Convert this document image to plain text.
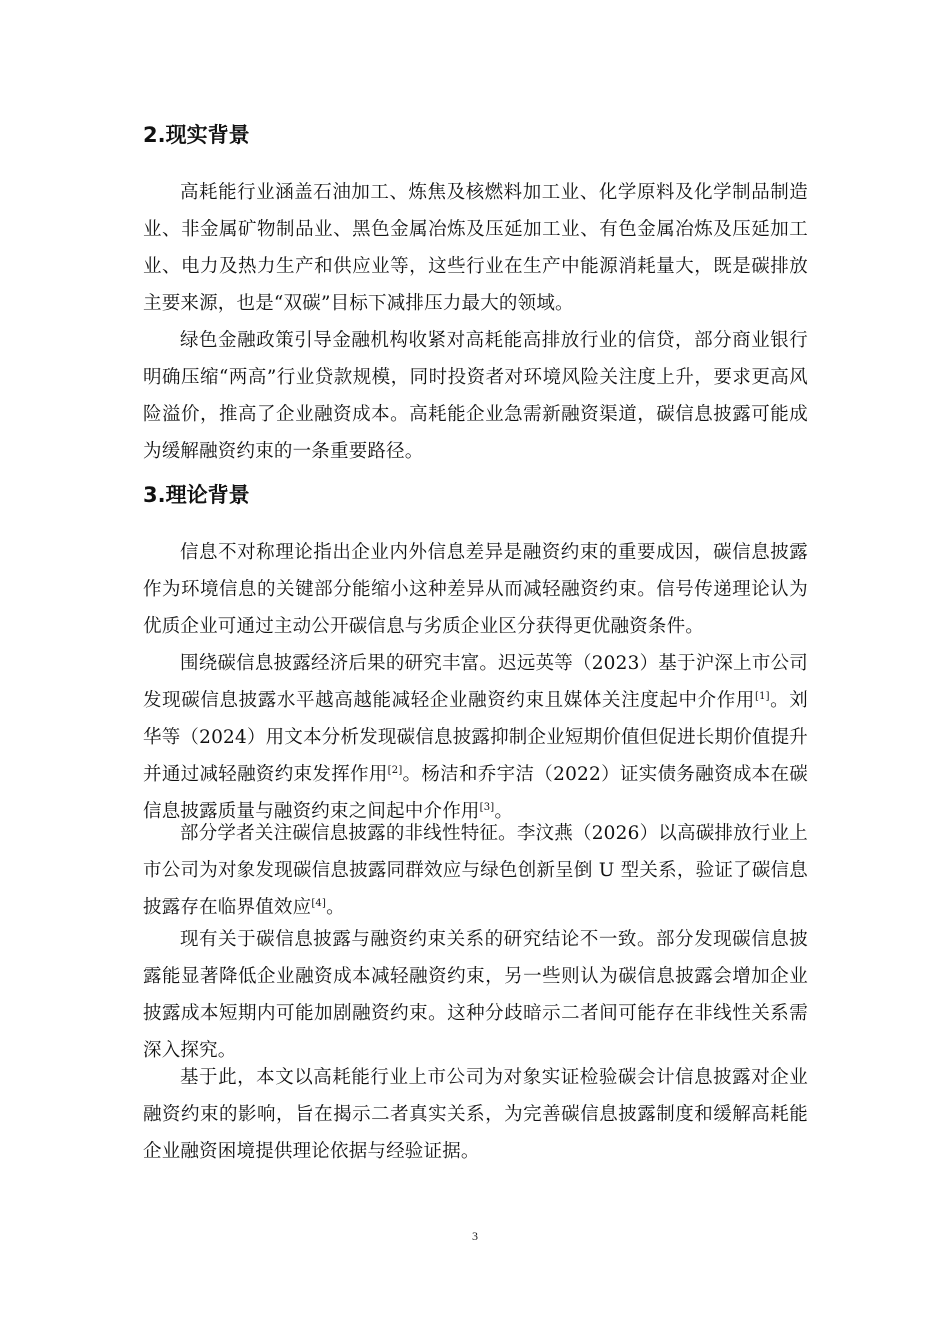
2.现实背景

高耗能行业涵盖石油加工、炼焦及核燃料加工业、化学原料及化学制品制造业、非金属矿物制品业、黑色金属冶炼及压延加工业、有色金属冶炼及压延加工业、电力及热力生产和供应业等，这些行业在生产中能源消耗量大，既是碳排放主要来源，也是“双碳”目标下减排压力最大的领域。

绿色金融政策引导金融机构收紧对高耗能高排放行业的信贷，部分商业银行明确压缩“两高”行业贷款规模，同时投资者对环境风险关注度上升，要求更高风险溢价，推高了企业融资成本。高耗能企业急需新融资渠道，碳信息披露可能成为缓解融资约束的一条重要路径。

3.理论背景

信息不对称理论指出企业内外信息差异是融资约束的重要成因，碳信息披露作为环境信息的关键部分能缩小这种差异从而减轻融资约束。信号传递理论认为优质企业可通过主动公开碳信息与劣质企业区分获得更优融资条件。

围绕碳信息披露经济后果的研究丰富。迟远英等（2023）基于沪深上市公司发现碳信息披露水平越高越能减轻企业融资约束且媒体关注度起中介作用[1]。刘华等（2024）用文本分析发现碳信息披露抑制企业短期价值但促进长期价值提升并通过减轻融资约束发挥作用[2]。杨洁和乔宇洁（2022）证实债务融资成本在碳信息披露质量与融资约束之间起中介作用[3]。

部分学者关注碳信息披露的非线性特征。李汶燕（2026）以高碳排放行业上市公司为对象发现碳信息披露同群效应与绿色创新呈倒 U 型关系，验证了碳信息披露存在临界值效应[4]。

现有关于碳信息披露与融资约束关系的研究结论不一致。部分发现碳信息披露能显著降低企业融资成本减轻融资约束，另一些则认为碳信息披露会增加企业披露成本短期内可能加剧融资约束。这种分歧暗示二者间可能存在非线性关系需深入探究。

基于此，本文以高耗能行业上市公司为对象实证检验碳会计信息披露对企业融资约束的影响，旨在揭示二者真实关系，为完善碳信息披露制度和缓解高耗能企业融资困境提供理论依据与经验证据。

3
